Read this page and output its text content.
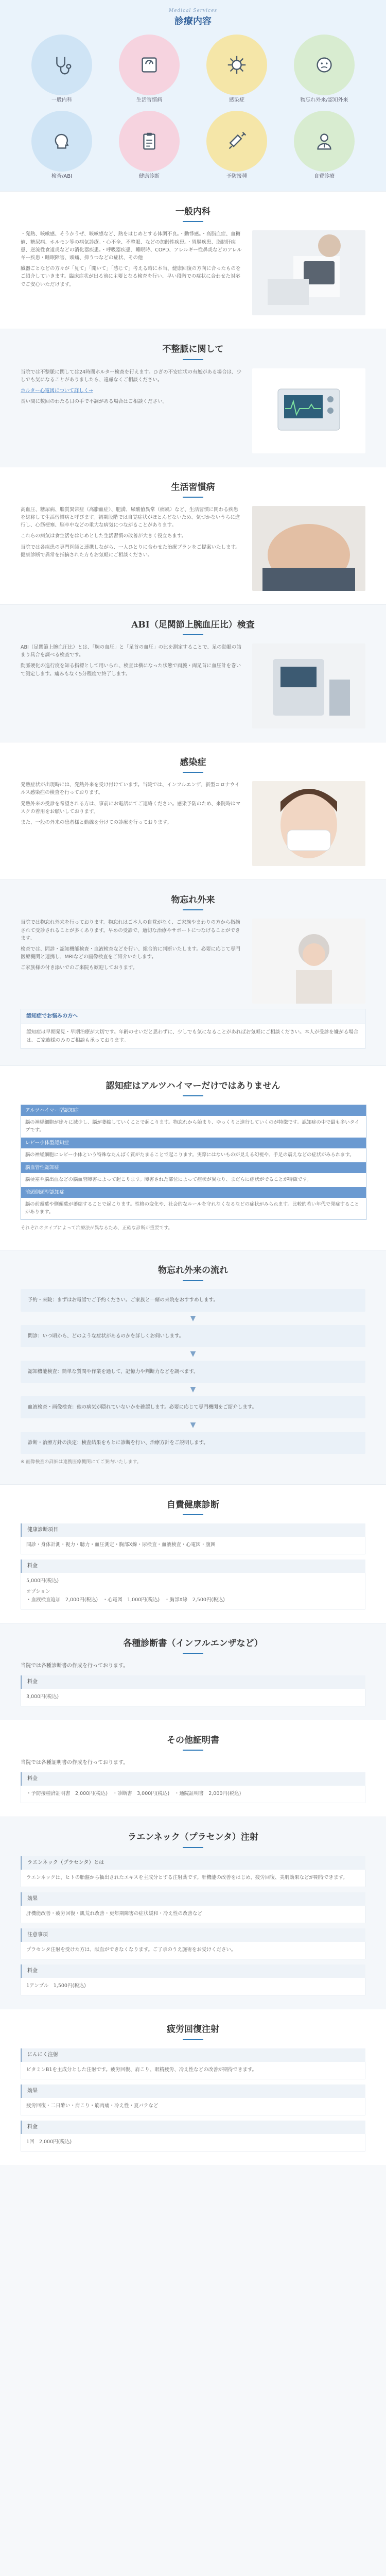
Medical Services
診療内容
一般内科	生活習慣病	感染症	物忘れ外来/認知外来
検査/ABI	健康診断	予防接種	自費診療
一般内科

・発熱、咳嗽感、そうかうぜ、咳嗽感など、熱をはじめとする体調不良。・動悸感。・高脂血症、血糖値、糖尿病、ホルモン等の病気診療。・心不全、不整脈、などの加齢性疾患。・胃腸疾患、脂肪肝疾患、逆流性食道炎などの消化器疾患。・呼吸器疾患、睡眠時、COPD、アレルギー性鼻炎などのアレルギー疾患・睡眠障害、頭痛、抑うつなどの症状、その他

臓器ごとなどの方々が「見て」「聞いて」「感じて」考える時に本当、健康回復の方向に合ったものをご紹介していきます。臨床症状が出る前に主要となる検査を行い、早い段階での症状に合わせた対応でご安心いただけます。

不整脈に関して

当院では不整脈に関しては24時間ホルター検査を行えます。ひざの不安症状の有無がある場合は、少しでも気になることがありましたら、遠慮なくご相談ください。

ホルター心電図について詳しく→

長い間に数回のわたる日の手で不調がある場合はご相談ください。

生活習慣病

高血圧、糖尿病、脂質異常症（高脂血症）、肥満、尿酸値異常（痛風）など、生活習慣に関わる疾患を総称して生活習慣病と呼びます。初期段階では自覚症状がほとんどないため、気づかないうちに進行し、心筋梗塞、脳卒中などの重大な病気につながることがあります。

これらの病気は食生活をはじめとした生活習慣の改善が大きく役立ちます。

当院では各疾患の専門医師と連携しながら、一人ひとりに合わせた治療プランをご提案いたします。健康診断で異常を指摘された方もお気軽にご相談ください。

ABI（足関節上腕血圧比）検査

ABI（足関節上腕血圧比）とは、「腕の血圧」と「足首の血圧」の比を測定することで、足の動脈の詰まり具合を調べる検査です。

動脈硬化の進行度を知る指標として用いられ、検査は横になった状態で両腕・両足首に血圧計を巻いて測定します。痛みもなく5分程度で終了します。

感染症

発熱症状が出現時には、発熱外来を受け付けています。当院では、インフルエンザ、新型コロナウイルス感染症の検査を行っております。

発熱外来の受診を希望される方は、事前にお電話にてご連絡ください。感染予防のため、来院時はマスクの着用をお願いしております。

また、一般の外来の患者様と動線を分けての診療を行っております。

物忘れ外来

当院では物忘れ外来を行っております。物忘れはご本人の自覚がなく、ご家族やまわりの方から指摘されて受診されることが多くあります。早めの受診で、適切な治療やサポートにつなげることができます。

検査では、問診・認知機能検査・血液検査などを行い、総合的に判断いたします。必要に応じて専門医療機関と連携し、MRIなどの画像検査をご紹介いたします。

ご家族様の付き添いでのご来院も歓迎しております。

認知症でお悩みの方へ
認知症は早期発見・早期治療が大切です。年齢のせいだと思わずに、少しでも気になることがあればお気軽にご相談ください。本人が受診を嫌がる場合は、ご家族様のみのご相談も承っております。
認知症はアルツハイマーだけではありません
アルツハイマー型認知症
脳の神経細胞が徐々に減少し、脳が萎縮していくことで起こります。物忘れから始まり、ゆっくりと進行していくのが特徴です。認知症の中で最も多いタイプです。
レビー小体型認知症
脳の神経細胞にレビー小体という特殊なたんぱく質がたまることで起こります。実際にはないものが見える幻視や、手足の震えなどの症状がみられます。
脳血管性認知症
脳梗塞や脳出血などの脳血管障害によって起こります。障害された部位によって症状が異なり、まだらに症状がでることが特徴です。
前頭側頭型認知症
脳の前頭葉や側頭葉が萎縮することで起こります。性格の変化や、社会的なルールを守れなくなるなどの症状がみられます。比較的若い年代で発症することがあります。

それぞれのタイプによって治療法が異なるため、正確な診断が重要です。

物忘れ外来の流れ
予約・来院：まずはお電話でご予約ください。ご家族と一緒の来院をおすすめします。
▼
問診：いつ頃から、どのような症状があるのかを詳しくお伺いします。
▼
認知機能検査：簡単な質問や作業を通して、記憶力や判断力などを調べます。
▼
血液検査・画像検査：他の病気が隠れていないかを確認します。必要に応じて専門機関をご紹介します。
▼
診断・治療方針の決定：検査結果をもとに診断を行い、治療方針をご説明します。

※ 画像検査の詳細は連携医療機関にてご案内いたします。

自費健康診断
健康診断項目
問診・身体計測・視力・聴力・血圧測定・胸部X線・尿検査・血液検査・心電図・腹囲
料金
5,000円(税込)
オプション
・血液検査追加　2,000円(税込)　・心電図　1,000円(税込)　・胸部X線　2,500円(税込)
各種診断書（インフルエンザなど）

当院では各種診断書の作成を行っております。

料金
3,000円(税込)
その他証明書

当院では各種証明書の作成を行っております。

料金
・予防接種済証明書　2,000円(税込)　・診断書　3,000円(税込)　・通院証明書　2,000円(税込)
ラエンネック（プラセンタ）注射
ラエンネック（プラセンタ）とは
ラエンネックは、ヒトの胎盤から抽出されたエキスを主成分とする注射薬です。肝機能の改善をはじめ、疲労回復、美肌効果などが期待できます。
効果
肝機能改善・疲労回復・肌荒れ改善・更年期障害の症状緩和・冷え性の改善など
注意事項
プラセンタ注射を受けた方は、献血ができなくなります。ご了承のうえ施術をお受けください。
料金
1アンプル　1,500円(税込)
疲労回復注射
にんにく注射
ビタミンB1を主成分とした注射です。疲労回復、肩こり、眼精疲労、冷え性などの改善が期待できます。
効果
疲労回復・二日酔い・肩こり・筋肉痛・冷え性・夏バテなど
料金
1回　2,000円(税込)
